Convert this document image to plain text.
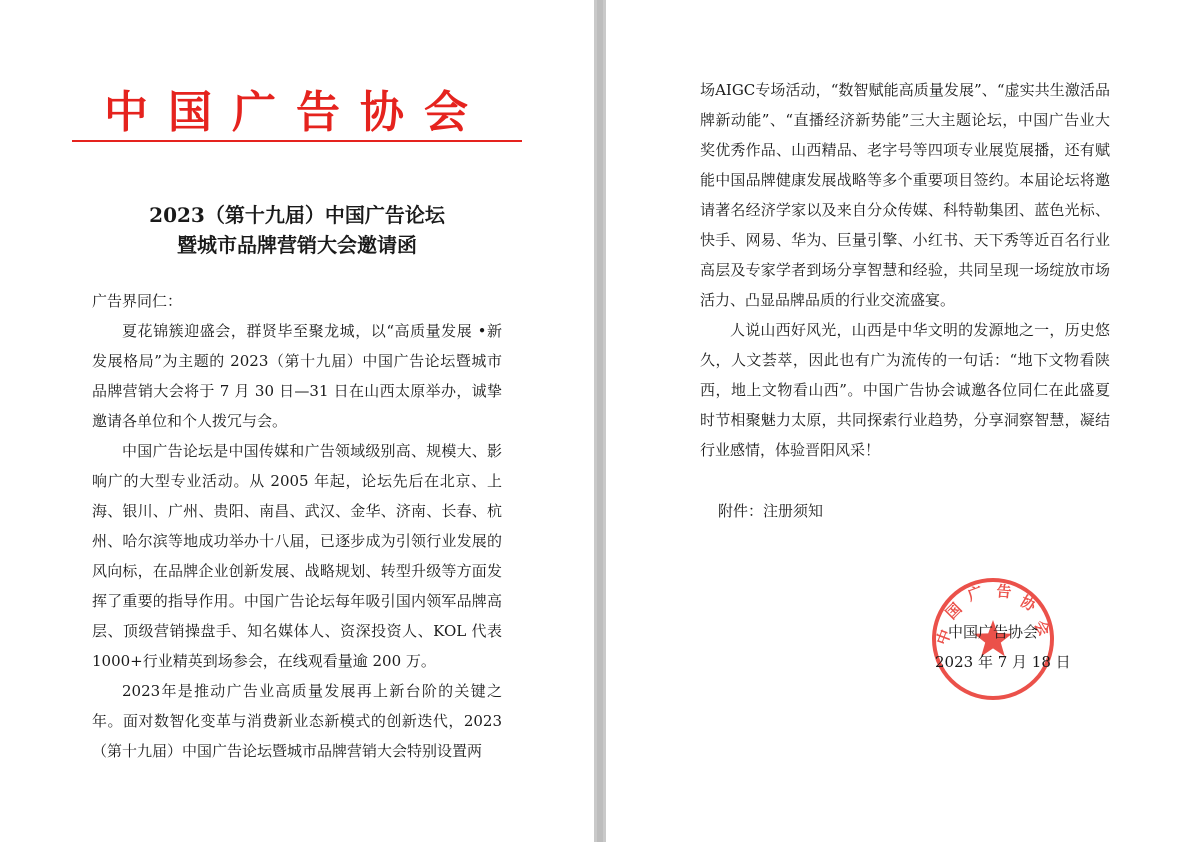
中国广告协会
2023（第十九届）中国广告论坛
暨城市品牌营销大会邀请函

广告界同仁：

夏花锦簇迎盛会，群贤毕至聚龙城，以“高质量发展 •新发展格局”为主题的 2023（第十九届）中国广告论坛暨城市品牌营销大会将于 7 月 30 日—31 日在山西太原举办，诚挚邀请各单位和个人拨冗与会。

中国广告论坛是中国传媒和广告领域级别高、规模大、影响广的大型专业活动。从 2005 年起，论坛先后在北京、上海、银川、广州、贵阳、南昌、武汉、金华、济南、长春、杭州、哈尔滨等地成功举办十八届，已逐步成为引领行业发展的风向标，在品牌企业创新发展、战略规划、转型升级等方面发挥了重要的指导作用。中国广告论坛每年吸引国内领军品牌高层、顶级营销操盘手、知名媒体人、资深投资人、KOL 代表 1000+行业精英到场参会，在线观看量逾 200 万。

2023年是推动广告业高质量发展再上新台阶的关键之年。面对数智化变革与消费新业态新模式的创新迭代，2023（第十九届）中国广告论坛暨城市品牌营销大会特别设置两

场AIGC专场活动，“数智赋能高质量发展”、“虚实共生激活品牌新动能”、“直播经济新势能”三大主题论坛，中国广告业大奖优秀作品、山西精品、老字号等四项专业展览展播，还有赋能中国品牌健康发展战略等多个重要项目签约。本届论坛将邀请著名经济学家以及来自分众传媒、科特勒集团、蓝色光标、快手、网易、华为、巨量引擎、小红书、天下秀等近百名行业高层及专家学者到场分享智慧和经验，共同呈现一场绽放市场活力、凸显品牌品质的行业交流盛宴。

人说山西好风光，山西是中华文明的发源地之一，历史悠久，人文荟萃，因此也有广为流传的一句话：“地下文物看陕西，地上文物看山西”。中国广告协会诚邀各位同仁在此盛夏时节相聚魅力太原，共同探索行业趋势，分享洞察智慧，凝结行业感情，体验晋阳风采！

附件：注册须知
中
国
广 告
协
会
中国广告协会
2023 年 7 月 18 日
